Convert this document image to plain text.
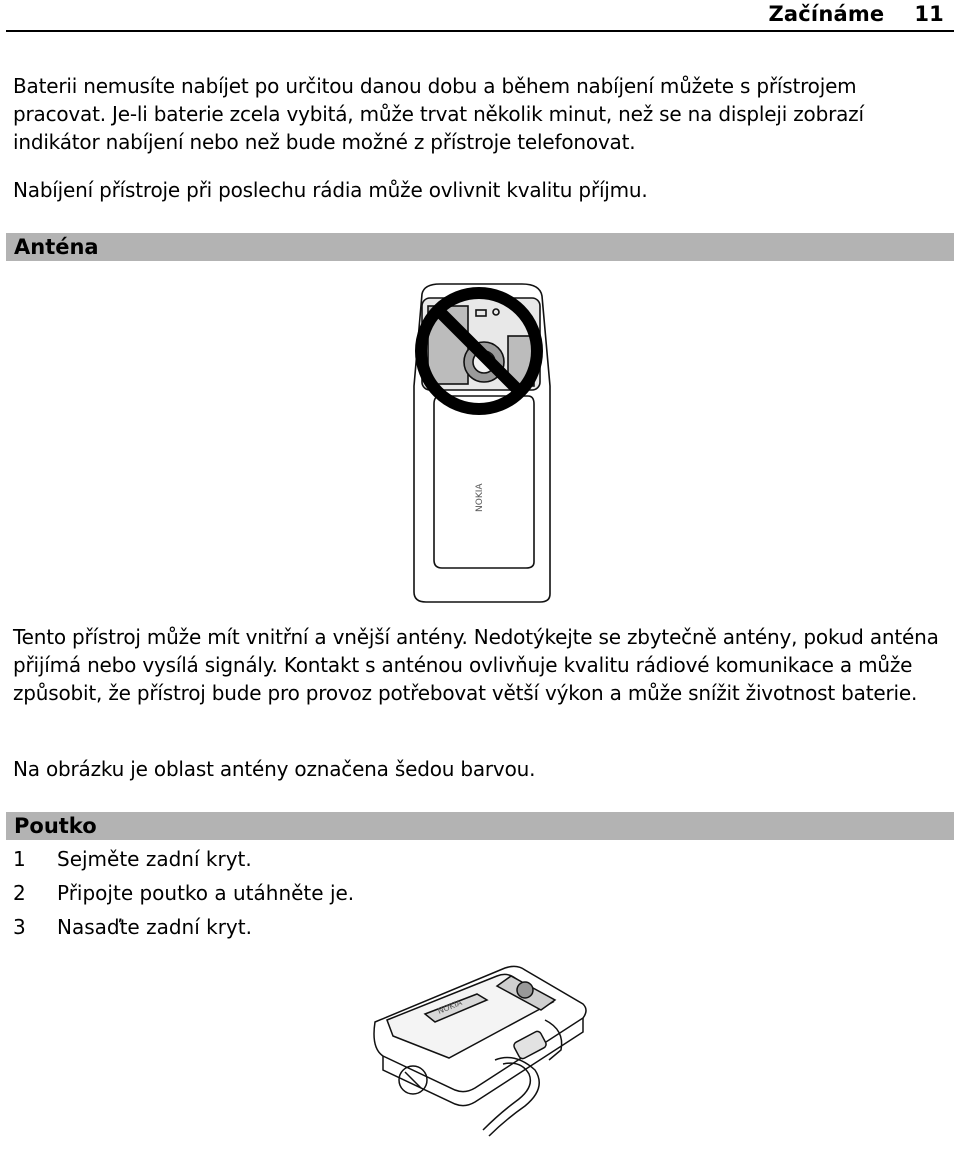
Začínáme 11

Baterii nemusíte nabíjet po určitou danou dobu a během nabíjení můžete s přístrojem pracovat. Je-li baterie zcela vybitá, může trvat několik minut, než se na displeji zobrazí indikátor nabíjení nebo než bude možné z přístroje telefonovat.

Nabíjení přístroje při poslechu rádia může ovlivnit kvalitu příjmu.

Anténa
NOKIA

Tento přístroj může mít vnitřní a vnější antény. Nedotýkejte se zbytečně antény, pokud anténa přijímá nebo vysílá signály. Kontakt s anténou ovlivňuje kvalitu rádiové komunikace a může způsobit, že přístroj bude pro provoz potřebovat větší výkon a může snížit životnost baterie.

Na obrázku je oblast antény označena šedou barvou.

Poutko
1	Sejměte zadní kryt.
2	Připojte poutko a utáhněte je.
3	Nasaďte zadní kryt.
NOKIA
